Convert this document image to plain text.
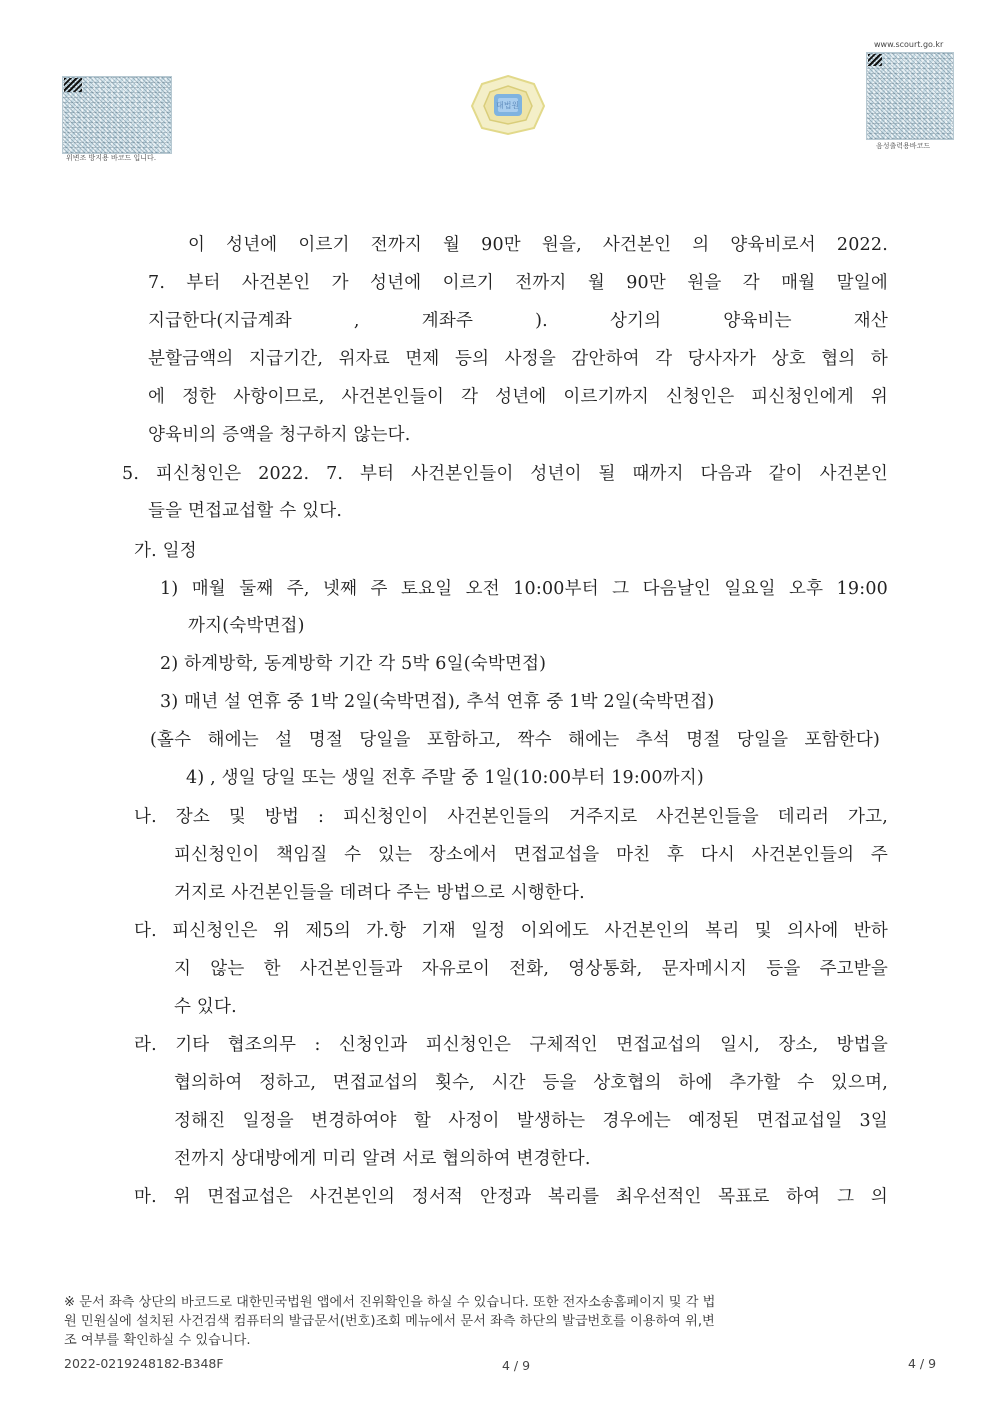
위변조 방지용 바코드 입니다.
대법원
www.scourt.go.kr
음성출력용바코드
이 성년에 이르기 전까지 월 90만 원을, 사건본인 의 양육비로서 2022.
7. 부터 사건본인 가 성년에 이르기 전까지 월 90만 원을 각 매월 말일에
지급한다(지급계좌 , 계좌주 ). 상기의 양육비는 재산
분할금액의 지급기간, 위자료 면제 등의 사정을 감안하여 각 당사자가 상호 협의 하
에 정한 사항이므로, 사건본인들이 각 성년에 이르기까지 신청인은 피신청인에게 위
양육비의 증액을 청구하지 않는다.
5. 피신청인은 2022. 7. 부터 사건본인들이 성년이 될 때까지 다음과 같이 사건본인
들을 면접교섭할 수 있다.
가. 일정
1) 매월 둘째 주, 넷째 주 토요일 오전 10:00부터 그 다음날인 일요일 오후 19:00
까지(숙박면접)
2) 하계방학, 동계방학 기간 각 5박 6일(숙박면접)
3) 매년 설 연휴 중 1박 2일(숙박면접), 추석 연휴 중 1박 2일(숙박면접)
(홀수 해에는 설 명절 당일을 포함하고, 짝수 해에는 추석 명절 당일을 포함한다)
4) , 생일 당일 또는 생일 전후 주말 중 1일(10:00부터 19:00까지)
나. 장소 및 방법 : 피신청인이 사건본인들의 거주지로 사건본인들을 데리러 가고,
피신청인이 책임질 수 있는 장소에서 면접교섭을 마친 후 다시 사건본인들의 주
거지로 사건본인들을 데려다 주는 방법으로 시행한다.
다. 피신청인은 위 제5의 가.항 기재 일정 이외에도 사건본인의 복리 및 의사에 반하
지 않는 한 사건본인들과 자유로이 전화, 영상통화, 문자메시지 등을 주고받을
수 있다.
라. 기타 협조의무 : 신청인과 피신청인은 구체적인 면접교섭의 일시, 장소, 방법을
협의하여 정하고, 면접교섭의 횟수, 시간 등을 상호협의 하에 추가할 수 있으며,
정해진 일정을 변경하여야 할 사정이 발생하는 경우에는 예정된 면접교섭일 3일
전까지 상대방에게 미리 알려 서로 협의하여 변경한다.
마. 위 면접교섭은 사건본인의 정서적 안정과 복리를 최우선적인 목표로 하여 그 의
※ 문서 좌측 상단의 바코드로 대한민국법원 앱에서 진위확인을 하실 수 있습니다. 또한 전자소송홈페이지 및 각 법
원 민원실에 설치된 사건검색 컴퓨터의 발급문서(번호)조회 메뉴에서 문서 좌측 하단의 발급번호를 이용하여 위,변
조 여부를 확인하실 수 있습니다.
2022-0219248182-B348F	4 / 9	4 / 9
